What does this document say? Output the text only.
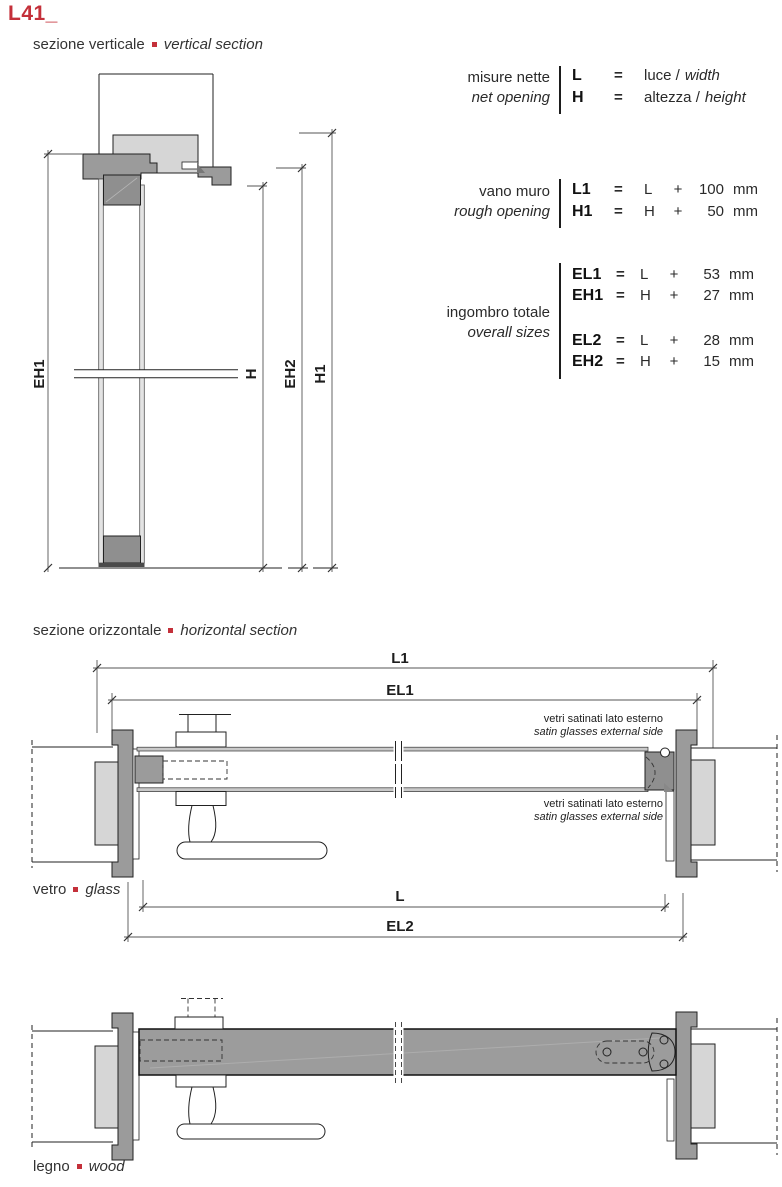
L41_
sezione verticale vertical section
EH1	H EH2 H1
misure nette
net opening
L	=	luce / width
H	=	altezza / height
vano muro
rough opening
L1	=	L	+	100 mm
H1	=	H	+	50 mm
ingombro totale
overall sizes
EL1 =	L	+	53 mm
EH1 =	H	+	27 mm
EL2 =	L	+	28 mm
EH2 =	H	+	15 mm
sezione orizzontale horizontal section
L1
EL1
vetri satinati lato esterno
satin glasses external side
vetri satinati lato esterno
satin glasses external side
L
EL2
vetro glass
legno wood
